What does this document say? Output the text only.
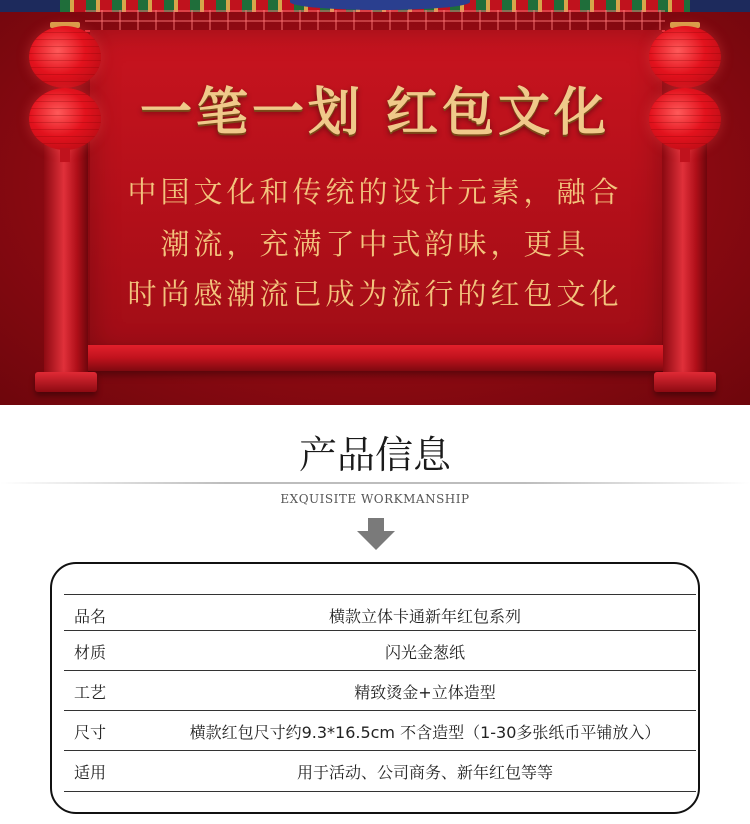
一笔一划 红包文化

中国文化和传统的设计元素，融合

潮流，充满了中式韵味，更具

时尚感潮流已成为流行的红包文化

产品信息

EXQUISITE WORKMANSHIP

品名	横款立体卡通新年红包系列
材质	闪光金葱纸
工艺	精致烫金+立体造型
尺寸	横款红包尺寸约9.3*16.5cm 不含造型（1-30多张纸币平铺放入）
适用	用于活动、公司商务、新年红包等等
